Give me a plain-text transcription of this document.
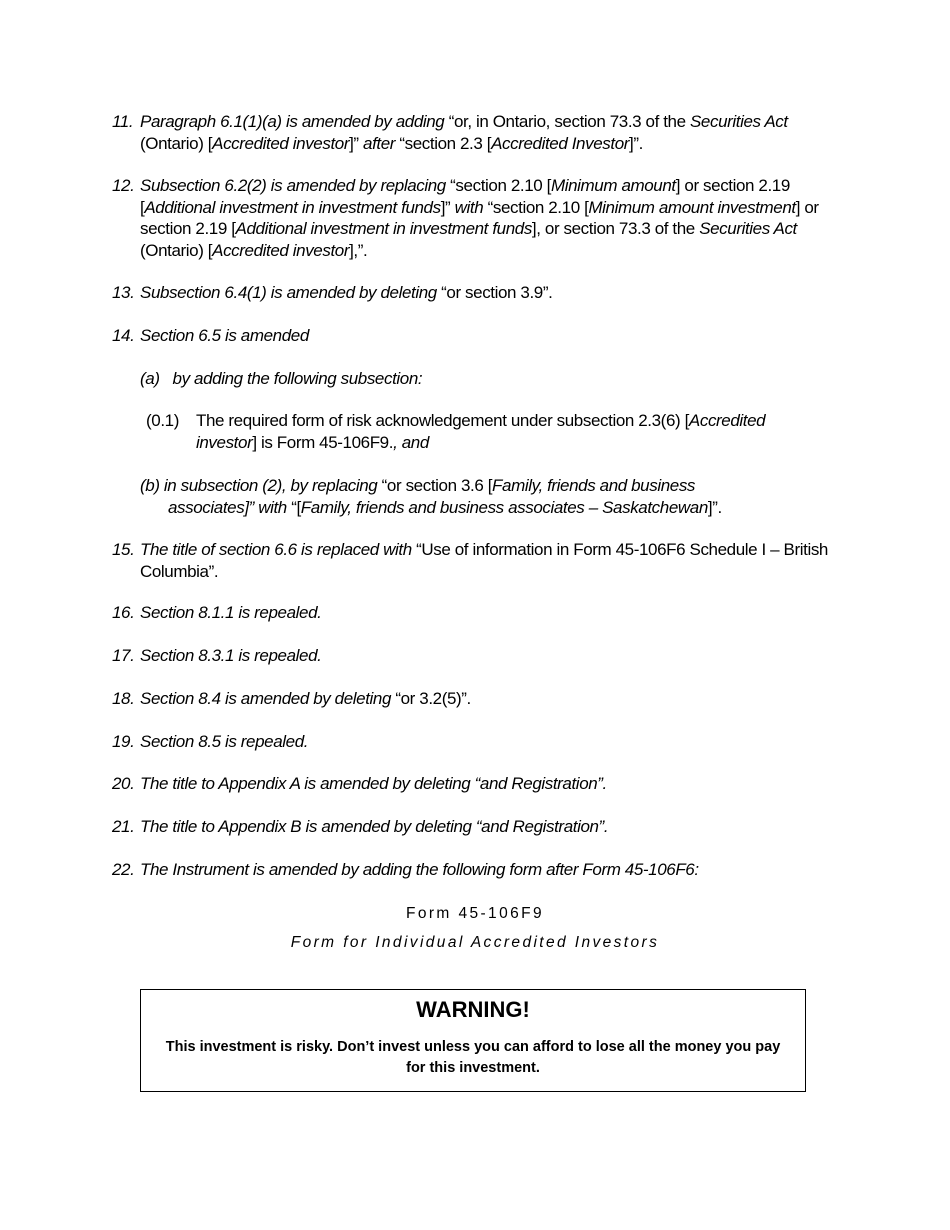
11. Paragraph 6.1(1)(a) is amended by adding “or, in Ontario, section 73.3 of the Securities Act (Ontario) [Accredited investor]” after “section 2.3 [Accredited Investor]”.
12. Subsection 6.2(2) is amended by replacing “section 2.10 [Minimum amount] or section 2.19 [Additional investment in investment funds]” with “section 2.10 [Minimum amount investment] or section 2.19 [Additional investment in investment funds], or section 73.3 of the Securities Act (Ontario) [Accredited investor],”.
13. Subsection 6.4(1) is amended by deleting “or section 3.9”.
14. Section 6.5 is amended
(a)   by adding the following subsection:
(0.1) The required form of risk acknowledgement under subsection 2.3(6) [Accredited investor] is Form 45-106F9., and
(b) in subsection (2), by replacing “or section 3.6 [Family, friends and business associates]” with “[Family, friends and business associates – Saskatchewan]”.
15. The title of section 6.6 is replaced with “Use of information in Form 45-106F6 Schedule I – British Columbia”.
16. Section 8.1.1 is repealed.
17. Section 8.3.1 is repealed.
18. Section 8.4 is amended by deleting “or 3.2(5)”.
19. Section 8.5 is repealed.
20. The title to Appendix A is amended by deleting “and Registration”.
21. The title to Appendix B is amended by deleting “and Registration”.
22. The Instrument is amended by adding the following form after Form 45-106F6:
Form 45-106F9
Form for Individual Accredited Investors
WARNING!
This investment is risky. Don’t invest unless you can afford to lose all the money you pay for this investment.
